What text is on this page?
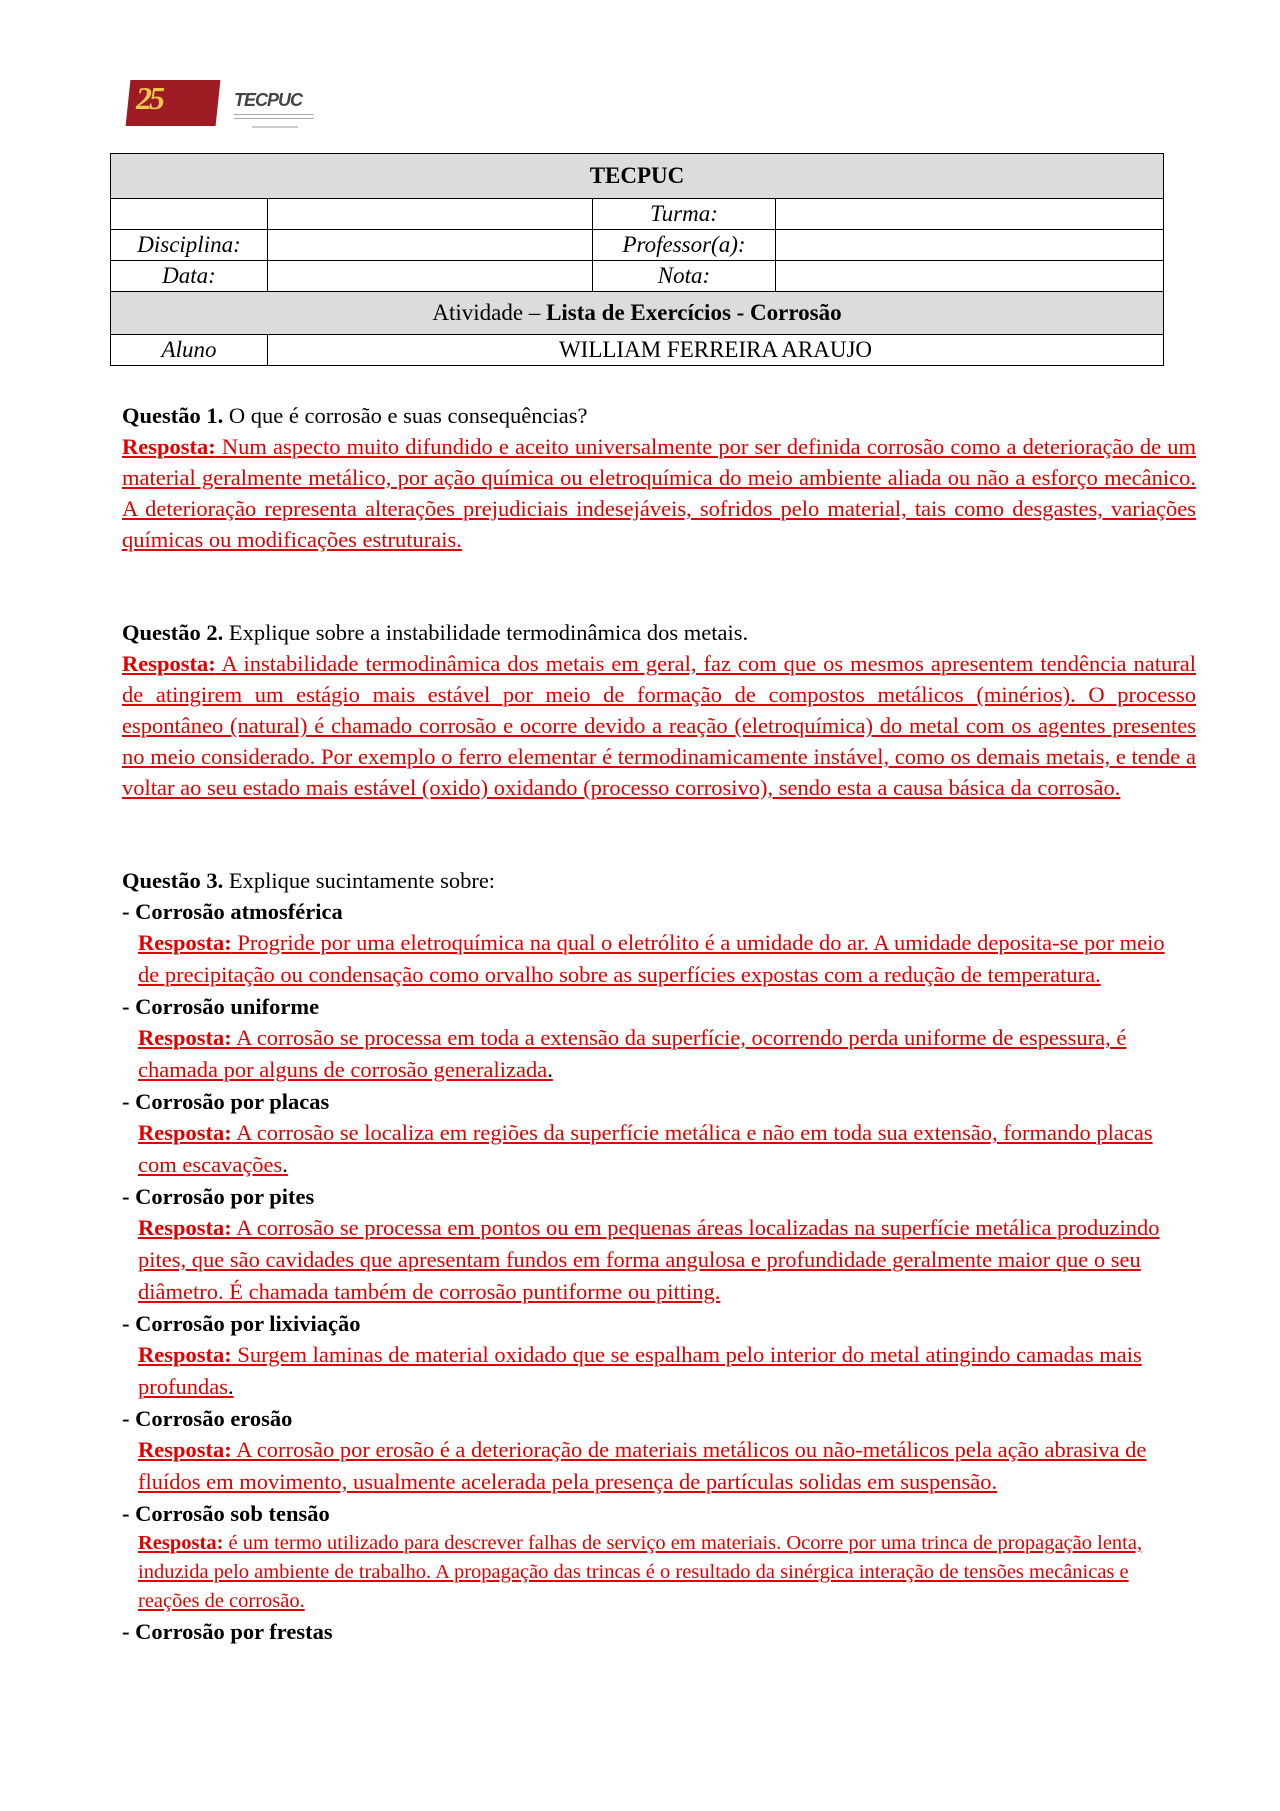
25	TECPUC
TECPUC			
		Turma:	
Disciplina:		Professor(a):	
Data:		Nota:	
Atividade – Lista de Exercícios - Corrosão			
Aluno	WILLIAM FERREIRA ARAUJO		

Questão 1. O que é corrosão e suas consequências?

Resposta: Num aspecto muito difundido e aceito universalmente por ser definida corrosão como a deterioração de um material geralmente metálico, por ação química ou eletroquímica do meio ambiente aliada ou não a esforço mecânico. A deterioração representa alterações prejudiciais indesejáveis, sofridos pelo material, tais como desgastes, variações químicas ou modificações estruturais.

Questão 2. Explique sobre a instabilidade termodinâmica dos metais.

Resposta: A instabilidade termodinâmica dos metais em geral, faz com que os mesmos apresentem tendência natural de atingirem um estágio mais estável por meio de formação de compostos metálicos (minérios). O processo espontâneo (natural) é chamado corrosão e ocorre devido a reação (eletroquímica) do metal com os agentes presentes no meio considerado. Por exemplo o ferro elementar é termodinamicamente instável, como os demais metais, e tende a voltar ao seu estado mais estável (oxido) oxidando (processo corrosivo), sendo esta a causa básica da corrosão.

Questão 3. Explique sucintamente sobre:

- Corrosão atmosférica

Resposta: Progride por uma eletroquímica na qual o eletrólito é a umidade do ar. A umidade deposita-se por meio de precipitação ou condensação como orvalho sobre as superfícies expostas com a redução de temperatura.

- Corrosão uniforme

Resposta: A corrosão se processa em toda a extensão da superfície, ocorrendo perda uniforme de espessura, é chamada por alguns de corrosão generalizada.

- Corrosão por placas

Resposta: A corrosão se localiza em regiões da superfície metálica e não em toda sua extensão, formando placas com escavações.

- Corrosão por pites

Resposta: A corrosão se processa em pontos ou em pequenas áreas localizadas na superfície metálica produzindo pites, que são cavidades que apresentam fundos em forma angulosa e profundidade geralmente maior que o seu diâmetro. É chamada também de corrosão puntiforme ou pitting.

- Corrosão por lixiviação

Resposta: Surgem laminas de material oxidado que se espalham pelo interior do metal atingindo camadas mais profundas.

- Corrosão erosão

Resposta: A corrosão por erosão é a deterioração de materiais metálicos ou não-metálicos pela ação abrasiva de fluídos em movimento, usualmente acelerada pela presença de partículas solidas em suspensão.

- Corrosão sob tensão

Resposta: é um termo utilizado para descrever falhas de serviço em materiais. Ocorre por uma trinca de propagação lenta, induzida pelo ambiente de trabalho. A propagação das trincas é o resultado da sinérgica interação de tensões mecânicas e reações de corrosão.

- Corrosão por frestas
